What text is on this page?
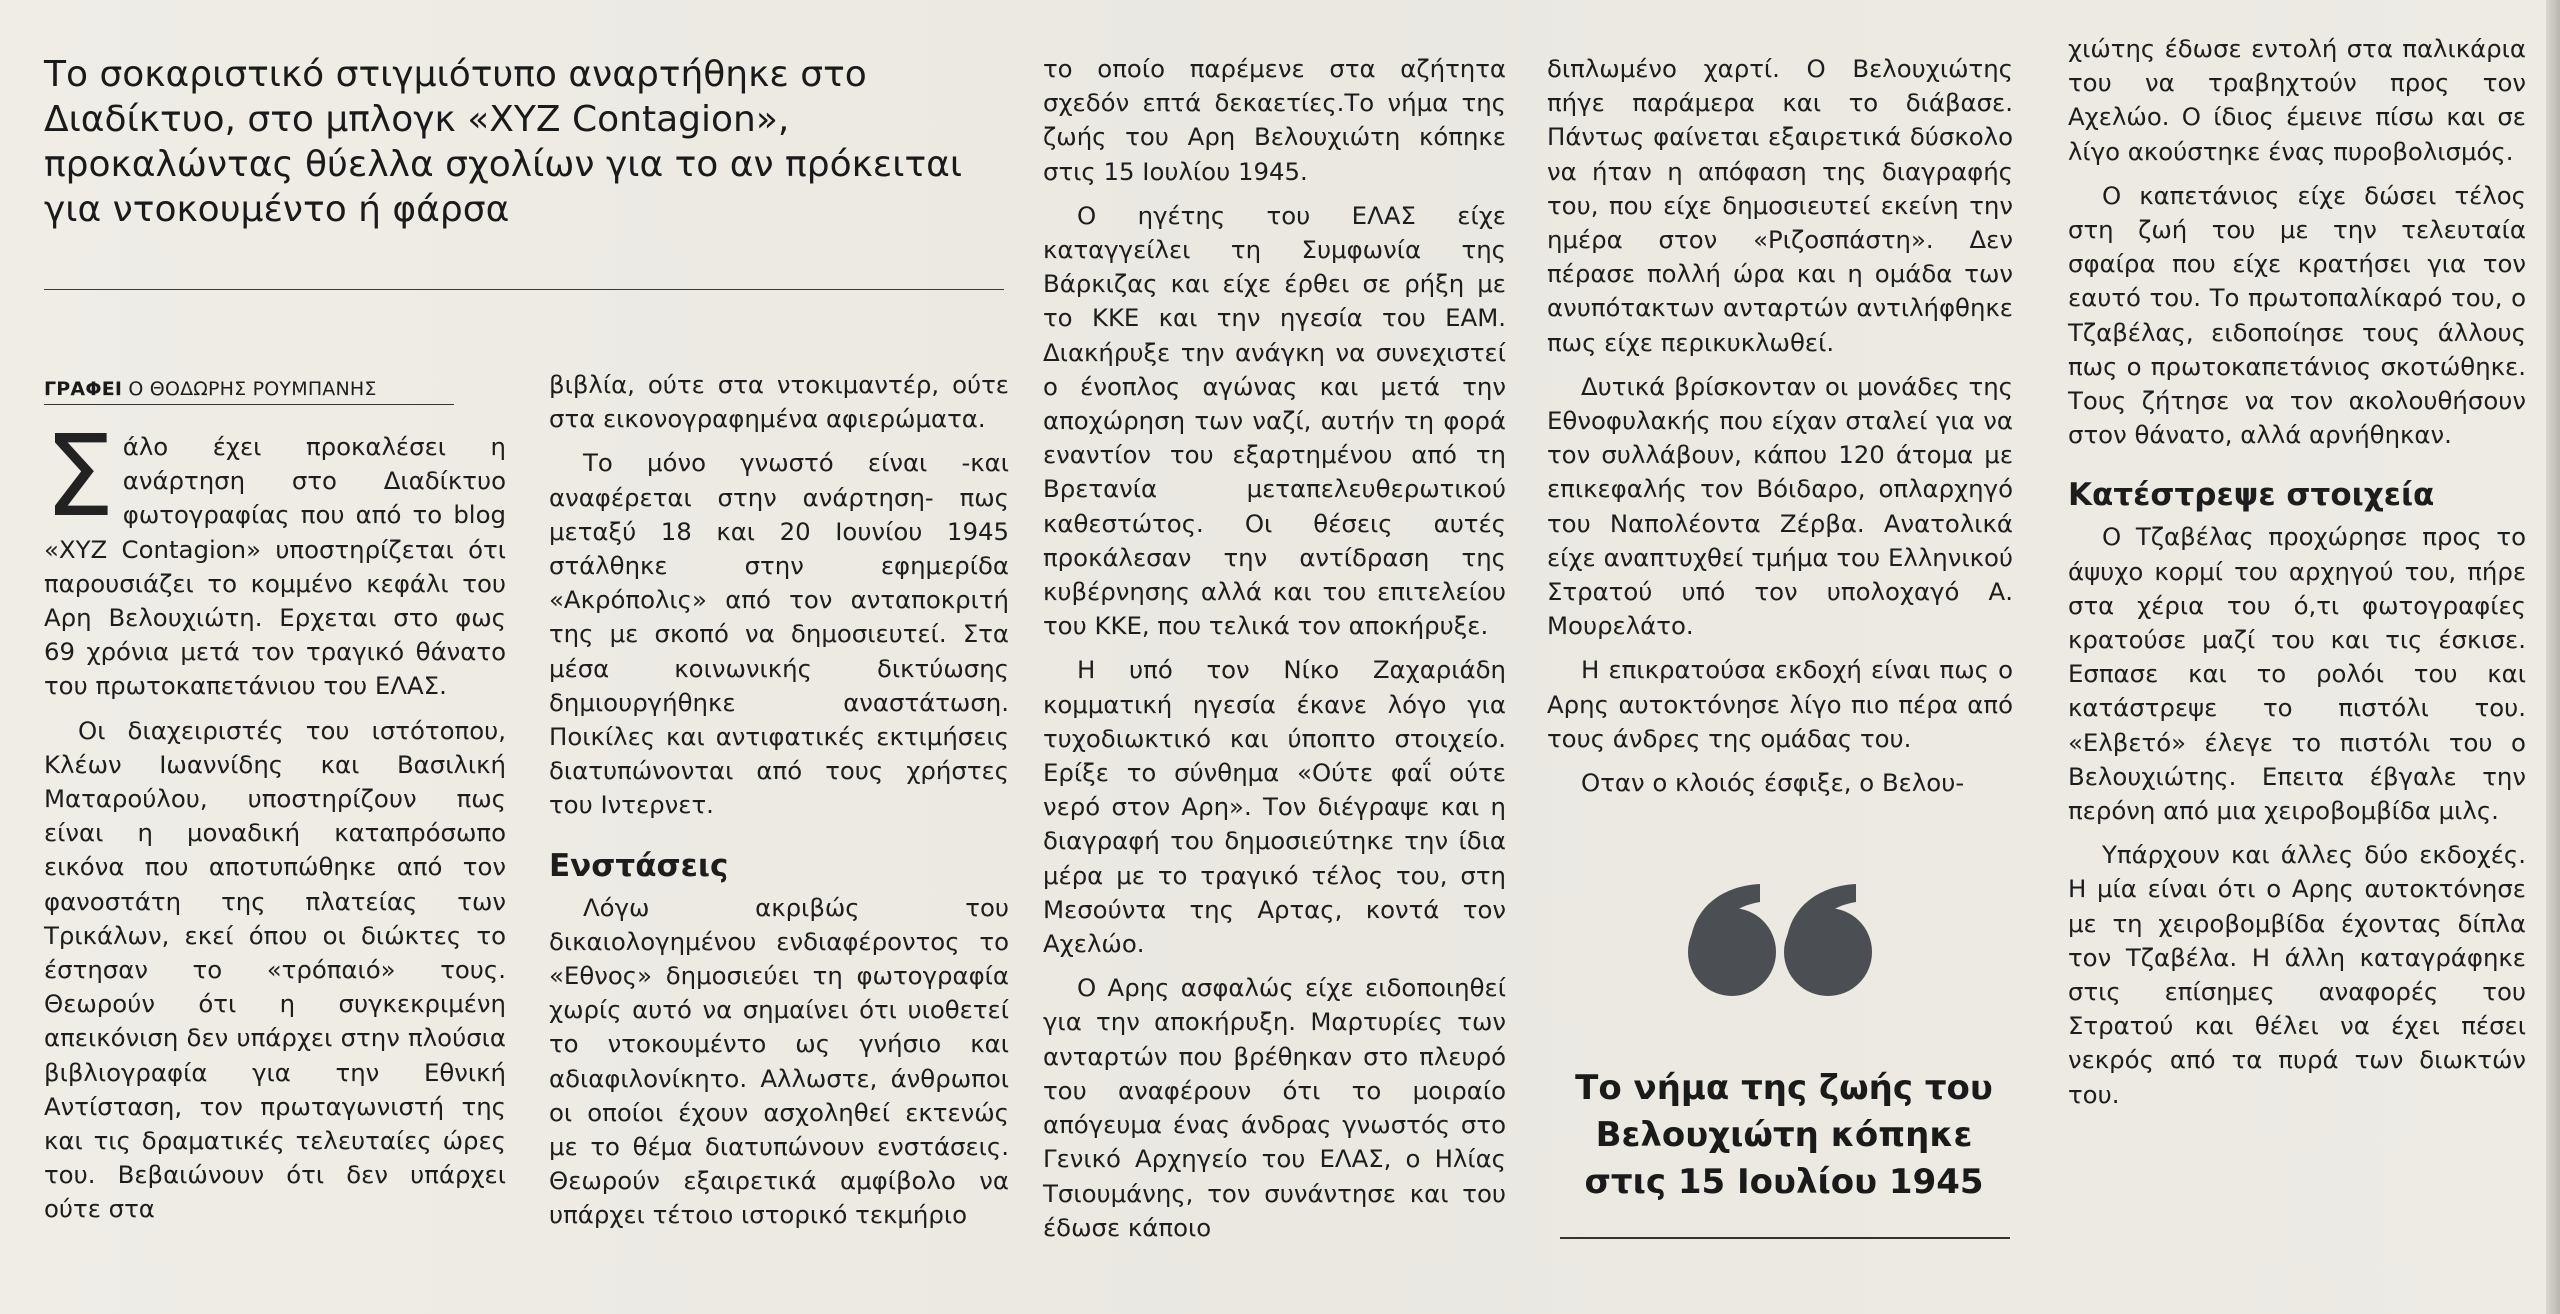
Το σοκαριστικό στιγμιότυπο αναρτήθηκε στο Διαδίκτυο, στο μπλογκ «XYZ Contagion», προκαλώντας θύελλα σχολίων για το αν πρόκειται για ντοκουμέντο ή φάρσα
ΓΡΑΦΕΙ Ο ΘΟΔΩΡΗΣ ΡΟΥΜΠΑΝΗΣ

Σάλο έχει προκαλέσει η ανάρτηση στο Διαδίκτυο φωτογραφίας που από το blog «XYZ Contagion» υποστηρίζεται ότι παρουσιάζει το κομμένο κεφάλι του Αρη Βελουχιώτη. Ερχεται στο φως 69 χρόνια μετά τον τραγικό θάνατο του πρωτοκαπετάνιου του ΕΛΑΣ.

Οι διαχειριστές του ιστότοπου, Κλέων Ιωαννίδης και Βασιλική Ματαρούλου, υποστηρίζουν πως είναι η μοναδική καταπρόσωπο εικόνα που αποτυπώθηκε από τον φανοστάτη της πλατείας των Τρικάλων, εκεί όπου οι διώκτες το έστησαν το «τρόπαιό» τους. Θεωρούν ότι η συγκεκριμένη απεικόνιση δεν υπάρχει στην πλούσια βιβλιογραφία για την Εθνική Αντίσταση, τον πρωταγωνιστή της και τις δραματικές τελευταίες ώρες του. Βεβαιώνουν ότι δεν υπάρχει ούτε στα

βιβλία, ούτε στα ντοκιμαντέρ, ούτε στα εικονογραφημένα αφιερώματα.

Το μόνο γνωστό είναι -και αναφέρεται στην ανάρτηση- πως μεταξύ 18 και 20 Ιουνίου 1945 στάλθηκε στην εφημερίδα «Ακρόπολις» από τον ανταποκριτή της με σκοπό να δημοσιευτεί. Στα μέσα κοινωνικής δικτύωσης δημιουργήθηκε αναστάτωση. Ποικίλες και αντιφατικές εκτιμήσεις διατυπώνονται από τους χρήστες του Ιντερνετ.

Ενστάσεις

Λόγω ακριβώς του δικαιολογημένου ενδιαφέροντος το «Εθνος» δημοσιεύει τη φωτογραφία χωρίς αυτό να σημαίνει ότι υιοθετεί το ντοκουμέντο ως γνήσιο και αδιαφιλονίκητο. Αλλωστε, άνθρωποι οι οποίοι έχουν ασχοληθεί εκτενώς με το θέμα διατυπώνουν ενστάσεις. Θεωρούν εξαιρετικά αμφίβολο να υπάρχει τέτοιο ιστορικό τεκμήριο

το οποίο παρέμενε στα αζήτητα σχεδόν επτά δεκαετίες.Το νήμα της ζωής του Αρη Βελουχιώτη κόπηκε στις 15 Ιουλίου 1945.

Ο ηγέτης του ΕΛΑΣ είχε καταγγείλει τη Συμφωνία της Βάρκιζας και είχε έρθει σε ρήξη με το ΚΚΕ και την ηγεσία του ΕΑΜ. Διακήρυξε την ανάγκη να συνεχιστεί ο ένοπλος αγώνας και μετά την αποχώρηση των ναζί, αυτήν τη φορά εναντίον του εξαρτημένου από τη Βρετανία μεταπελευθερωτικού καθεστώτος. Οι θέσεις αυτές προκάλεσαν την αντίδραση της κυβέρνησης αλλά και του επιτελείου του ΚΚΕ, που τελικά τον αποκήρυξε.

Η υπό τον Νίκο Ζαχαριάδη κομματική ηγεσία έκανε λόγο για τυχοδιωκτικό και ύποπτο στοιχείο. Ερίξε το σύνθημα «Ούτε φαΐ ούτε νερό στον Αρη». Τον διέγραψε και η διαγραφή του δημοσιεύτηκε την ίδια μέρα με το τραγικό τέλος του, στη Μεσούντα της Αρτας, κοντά τον Αχελώο.

Ο Αρης ασφαλώς είχε ειδοποιηθεί για την αποκήρυξη. Μαρτυρίες των ανταρτών που βρέθηκαν στο πλευρό του αναφέρουν ότι το μοιραίο απόγευμα ένας άνδρας γνωστός στο Γενικό Αρχηγείο του ΕΛΑΣ, ο Ηλίας Τσιουμάνης, τον συνάντησε και του έδωσε κάποιο

διπλωμένο χαρτί. Ο Βελουχιώτης πήγε παράμερα και το διάβασε. Πάντως φαίνεται εξαιρετικά δύσκολο να ήταν η απόφαση της διαγραφής του, που είχε δημοσιευτεί εκείνη την ημέρα στον «Ριζοσπάστη». Δεν πέρασε πολλή ώρα και η ομάδα των ανυπότακτων ανταρτών αντιλήφθηκε πως είχε περικυκλωθεί.

Δυτικά βρίσκονταν οι μονάδες της Εθνοφυλακής που είχαν σταλεί για να τον συλλάβουν, κάπου 120 άτομα με επικεφαλής τον Βόιδαρο, οπλαρχηγό του Ναπολέοντα Ζέρβα. Ανατολικά είχε αναπτυχθεί τμήμα του Ελληνικού Στρατού υπό τον υπολοχαγό Α. Μουρελάτο.

Η επικρατούσα εκδοχή είναι πως ο Αρης αυτοκτόνησε λίγο πιο πέρα από τους άνδρες της ομάδας του.

Οταν ο κλοιός έσφιξε, ο Βελου-

Το νήμα της ζωής του Βελουχιώτη κόπηκε στις 15 Ιουλίου 1945

χιώτης έδωσε εντολή στα παλικάρια του να τραβηχτούν προς τον Αχελώο. Ο ίδιος έμεινε πίσω και σε λίγο ακούστηκε ένας πυροβολισμός.

Ο καπετάνιος είχε δώσει τέλος στη ζωή του με την τελευταία σφαίρα που είχε κρατήσει για τον εαυτό του. Το πρωτοπαλίκαρό του, ο Τζαβέλας, ειδοποίησε τους άλλους πως ο πρωτοκαπετάνιος σκοτώθηκε. Τους ζήτησε να τον ακολουθήσουν στον θάνατο, αλλά αρνήθηκαν.

Κατέστρεψε στοιχεία

Ο Τζαβέλας προχώρησε προς το άψυχο κορμί του αρχηγού του, πήρε στα χέρια του ό,τι φωτογραφίες κρατούσε μαζί του και τις έσκισε. Εσπασε και το ρολόι του και κατάστρεψε το πιστόλι του. «Ελβετό» έλεγε το πιστόλι του ο Βελουχιώτης. Επειτα έβγαλε την περόνη από μια χειροβομβίδα μιλς.

Υπάρχουν και άλλες δύο εκδοχές. Η μία είναι ότι ο Αρης αυτοκτόνησε με τη χειροβομβίδα έχοντας δίπλα τον Τζαβέλα. Η άλλη καταγράφηκε στις επίσημες αναφορές του Στρατού και θέλει να έχει πέσει νεκρός από τα πυρά των διωκτών του.
